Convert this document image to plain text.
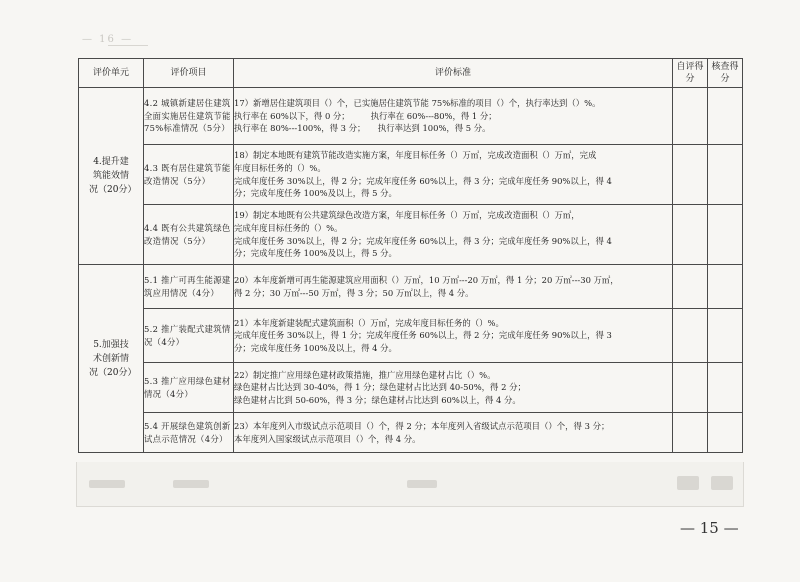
— 16 —
评价单元	评价项目	评价标准	自评得分	核查得分
4.提升建筑能效情况（20分）	4.2 城镇新建居住建筑全面实施居住建筑节能 75%标准情况（5分）	17）新增居住建筑项目（）个，已实施居住建筑节能 75%标准的项目（）个，执行率达到（）%。
执行率在 60%以下，得 0 分；　　　执行率在 60%---80%，得 1 分；
执行率在 80%---100%，得 3 分；　　执行率达到 100%，得 5 分。		

	4.3 既有居住建筑节能改造情况（5分）	18）制定本地既有建筑节能改造实施方案，年度目标任务（）万㎡，完成改造面积（）万㎡，完成
年度目标任务的（）%。
完成年度任务 30%以上，得 2 分；完成年度任务 60%以上，得 3 分；完成年度任务 90%以上，得 4
分；完成年度任务 100%及以上，得 5 分。		

	4.4 既有公共建筑绿色改造情况（5分）	19）制定本地既有公共建筑绿色改造方案，年度目标任务（）万㎡，完成改造面积（）万㎡，
完成年度目标任务的（）%。
完成年度任务 30%以上，得 2 分；完成年度任务 60%以上，得 3 分；完成年度任务 90%以上，得 4
分；完成年度任务 100%及以上，得 5 分。		

5.加强技术创新情况（20分）	5.1 推广可再生能源建筑应用情况（4分）	20）本年度新增可再生能源建筑应用面积（）万㎡，10 万㎡---20 万㎡，得 1 分；20 万㎡---30 万㎡，
得 2 分；30 万㎡---50 万㎡，得 3 分；50 万㎡以上，得 4 分。		

	5.2 推广装配式建筑情况（4分）	21）本年度新建装配式建筑面积（）万㎡，完成年度目标任务的（）%。
完成年度任务 30%以上，得 1 分；完成年度任务 60%以上，得 2 分；完成年度任务 90%以上，得 3
分；完成年度任务 100%及以上，得 4 分。		

	5.3 推广应用绿色建材情况（4分）	22）制定推广应用绿色建材政策措施，推广应用绿色建材占比（）%。
绿色建材占比达到 30-40%，得 1 分；绿色建材占比达到 40-50%，得 2 分；
绿色建材占比到 50-60%，得 3 分；绿色建材占比达到 60%以上，得 4 分。		

	5.4 开展绿色建筑创新试点示范情况（4分）	23）本年度列入市级试点示范项目（）个，得 2 分；本年度列入省级试点示范项目（）个，得 3 分；
本年度列入国家级试点示范项目（）个，得 4 分。		

— 15 —
